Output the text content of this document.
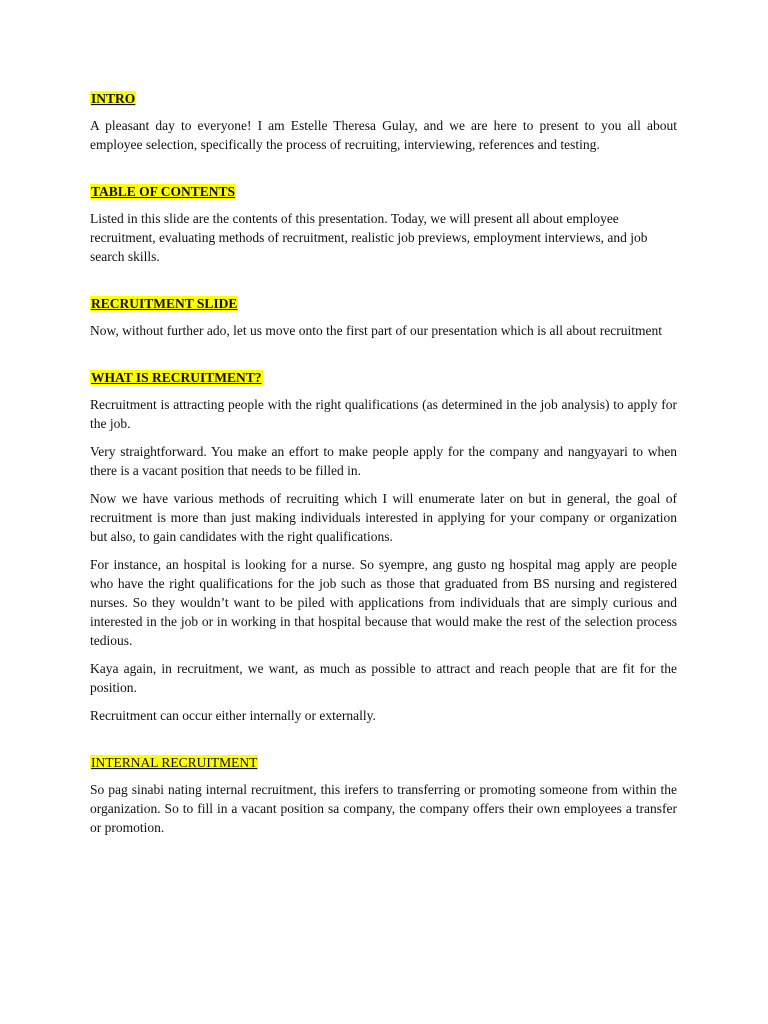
INTRO

A pleasant day to everyone! I am Estelle Theresa Gulay, and we are here to present to you all about employee selection, specifically the process of recruiting, interviewing, references and testing.

TABLE OF CONTENTS

Listed in this slide are the contents of this presentation. Today, we will present all about employee recruitment, evaluating methods of recruitment, realistic job previews, employment interviews, and job search skills.

RECRUITMENT SLIDE

Now, without further ado, let us move onto the first part of our presentation which is all about recruitment

WHAT IS RECRUITMENT?

Recruitment is attracting people with the right qualifications (as determined in the job analysis) to apply for the job.

Very straightforward. You make an effort to make people apply for the company and nangyayari to when there is a vacant position that needs to be filled in.

Now we have various methods of recruiting which I will enumerate later on but in general, the goal of recruitment is more than just making individuals interested in applying for your company or organization but also, to gain candidates with the right qualifications.

For instance, an hospital is looking for a nurse. So syempre, ang gusto ng hospital mag apply are people who have the right qualifications for the job such as those that graduated from BS nursing and registered nurses. So they wouldn’t want to be piled with applications from individuals that are simply curious and interested in the job or in working in that hospital because that would make the rest of the selection process tedious.

Kaya again, in recruitment, we want, as much as possible to attract and reach people that are fit for the position.

Recruitment can occur either internally or externally.

INTERNAL RECRUITMENT

So pag sinabi nating internal recruitment, this irefers to transferring or promoting someone from within the organization. So to fill in a vacant position sa company, the company offers their own employees a transfer or promotion.
